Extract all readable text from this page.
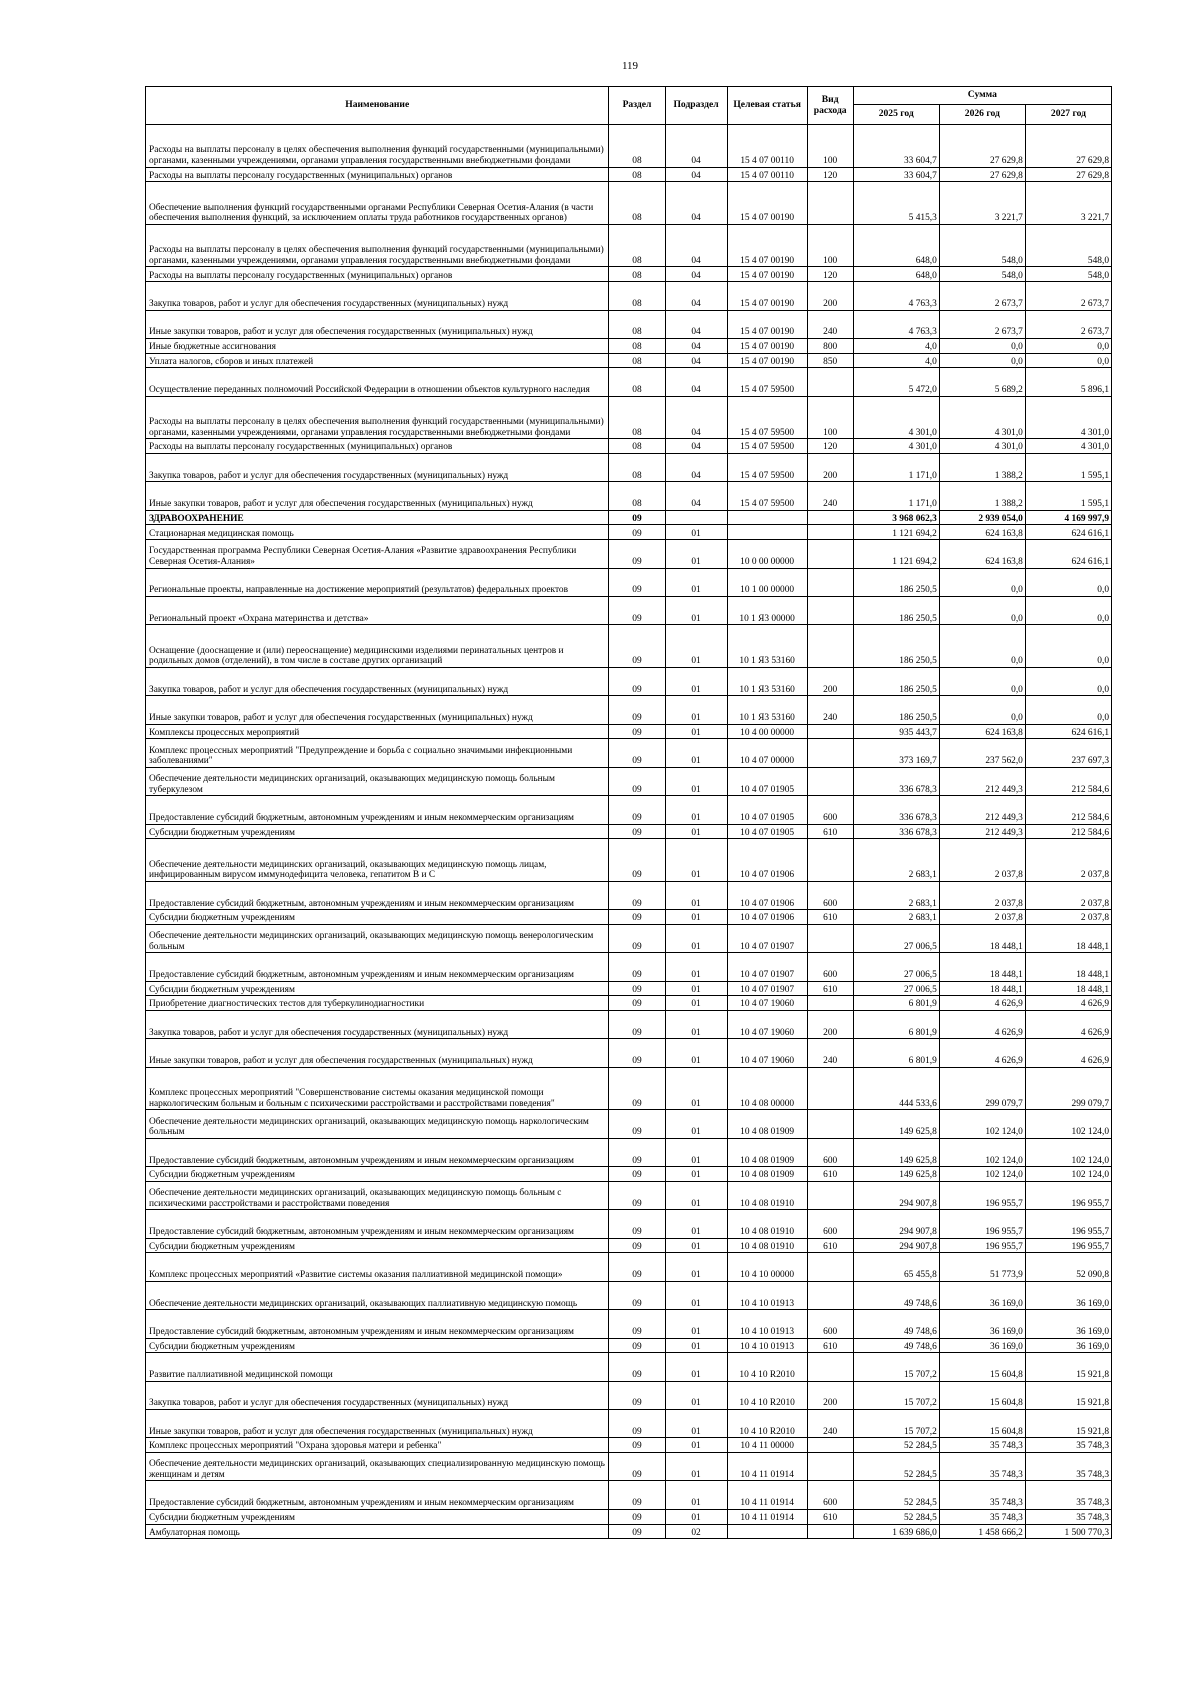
119
Наименование	Раздел	Подраздел	Целевая статья	Вид расхода	Сумма		
					2025 год	2026 год	2027 год
Расходы на выплаты персоналу в целях обеспечения выполнения функций государственными (муниципальными) органами, казенными учреждениями, органами управления государственными внебюджетными фондами	08	04	15 4 07 00110	100	33 604,7	27 629,8	27 629,8
Расходы на выплаты персоналу государственных (муниципальных) органов	08	04	15 4 07 00110	120	33 604,7	27 629,8	27 629,8
Обеспечение выполнения функций государственными органами Республики Северная Осетия-Алания (в части обеспечения выполнения функций, за исключением оплаты труда работников государственных органов)	08	04	15 4 07 00190		5 415,3	3 221,7	3 221,7
Расходы на выплаты персоналу в целях обеспечения выполнения функций государственными (муниципальными) органами, казенными учреждениями, органами управления государственными внебюджетными фондами	08	04	15 4 07 00190	100	648,0	548,0	548,0
Расходы на выплаты персоналу государственных (муниципальных) органов	08	04	15 4 07 00190	120	648,0	548,0	548,0
Закупка товаров, работ и услуг для обеспечения государственных (муниципальных) нужд	08	04	15 4 07 00190	200	4 763,3	2 673,7	2 673,7
Иные закупки товаров, работ и услуг для обеспечения государственных (муниципальных) нужд	08	04	15 4 07 00190	240	4 763,3	2 673,7	2 673,7
Иные бюджетные ассигнования	08	04	15 4 07 00190	800	4,0	0,0	0,0
Уплата налогов, сборов и иных платежей	08	04	15 4 07 00190	850	4,0	0,0	0,0
Осуществление переданных полномочий Российской Федерации в отношении объектов культурного наследия	08	04	15 4 07 59500		5 472,0	5 689,2	5 896,1
Расходы на выплаты персоналу в целях обеспечения выполнения функций государственными (муниципальными) органами, казенными учреждениями, органами управления государственными внебюджетными фондами	08	04	15 4 07 59500	100	4 301,0	4 301,0	4 301,0
Расходы на выплаты персоналу государственных (муниципальных) органов	08	04	15 4 07 59500	120	4 301,0	4 301,0	4 301,0
Закупка товаров, работ и услуг для обеспечения государственных (муниципальных) нужд	08	04	15 4 07 59500	200	1 171,0	1 388,2	1 595,1
Иные закупки товаров, работ и услуг для обеспечения государственных (муниципальных) нужд	08	04	15 4 07 59500	240	1 171,0	1 388,2	1 595,1
ЗДРАВООХРАНЕНИЕ	09				3 968 062,3	2 939 054,0	4 169 997,9
Стационарная медицинская помощь	09	01			1 121 694,2	624 163,8	624 616,1
Государственная программа Республики Северная Осетия-Алания «Развитие здравоохранения Республики Северная Осетия-Алания»	09	01	10 0 00 00000		1 121 694,2	624 163,8	624 616,1
Региональные проекты, направленные на достижение мероприятий (результатов) федеральных проектов	09	01	10 1 00 00000		186 250,5	0,0	0,0
Региональный проект «Охрана материнства и детства»	09	01	10 1 Я3 00000		186 250,5	0,0	0,0
Оснащение (дооснащение и (или) переоснащение) медицинскими изделиями перинатальных центров и родильных домов (отделений), в том числе в составе других организаций	09	01	10 1 Я3 53160		186 250,5	0,0	0,0
Закупка товаров, работ и услуг для обеспечения государственных (муниципальных) нужд	09	01	10 1 Я3 53160	200	186 250,5	0,0	0,0
Иные закупки товаров, работ и услуг для обеспечения государственных (муниципальных) нужд	09	01	10 1 Я3 53160	240	186 250,5	0,0	0,0
Комплексы процессных мероприятий	09	01	10 4 00 00000		935 443,7	624 163,8	624 616,1
Комплекс процессных мероприятий "Предупреждение и борьба с социально значимыми инфекционными заболеваниями"	09	01	10 4 07 00000		373 169,7	237 562,0	237 697,3
Обеспечение деятельности медицинских организаций, оказывающих медицинскую помощь больным туберкулезом	09	01	10 4 07 01905		336 678,3	212 449,3	212 584,6
Предоставление субсидий бюджетным, автономным учреждениям и иным некоммерческим организациям	09	01	10 4 07 01905	600	336 678,3	212 449,3	212 584,6
Субсидии бюджетным учреждениям	09	01	10 4 07 01905	610	336 678,3	212 449,3	212 584,6
Обеспечение деятельности медицинских организаций, оказывающих медицинскую помощь лицам, инфицированным вирусом иммунодефицита человека, гепатитом В и С	09	01	10 4 07 01906		2 683,1	2 037,8	2 037,8
Предоставление субсидий бюджетным, автономным учреждениям и иным некоммерческим организациям	09	01	10 4 07 01906	600	2 683,1	2 037,8	2 037,8
Субсидии бюджетным учреждениям	09	01	10 4 07 01906	610	2 683,1	2 037,8	2 037,8
Обеспечение деятельности медицинских организаций, оказывающих медицинскую помощь венерологическим больным	09	01	10 4 07 01907		27 006,5	18 448,1	18 448,1
Предоставление субсидий бюджетным, автономным учреждениям и иным некоммерческим организациям	09	01	10 4 07 01907	600	27 006,5	18 448,1	18 448,1
Субсидии бюджетным учреждениям	09	01	10 4 07 01907	610	27 006,5	18 448,1	18 448,1
Приобретение диагностических тестов для туберкулинодиагностики	09	01	10 4 07 19060		6 801,9	4 626,9	4 626,9
Закупка товаров, работ и услуг для обеспечения государственных (муниципальных) нужд	09	01	10 4 07 19060	200	6 801,9	4 626,9	4 626,9
Иные закупки товаров, работ и услуг для обеспечения государственных (муниципальных) нужд	09	01	10 4 07 19060	240	6 801,9	4 626,9	4 626,9
Комплекс процессных мероприятий "Совершенствование системы оказания медицинской помощи наркологическим больным и больным с психическими расстройствами и расстройствами поведения"	09	01	10 4 08 00000		444 533,6	299 079,7	299 079,7
Обеспечение деятельности медицинских организаций, оказывающих медицинскую помощь наркологическим больным	09	01	10 4 08 01909		149 625,8	102 124,0	102 124,0
Предоставление субсидий бюджетным, автономным учреждениям и иным некоммерческим организациям	09	01	10 4 08 01909	600	149 625,8	102 124,0	102 124,0
Субсидии бюджетным учреждениям	09	01	10 4 08 01909	610	149 625,8	102 124,0	102 124,0
Обеспечение деятельности медицинских организаций, оказывающих медицинскую помощь больным с психическими расстройствами и расстройствами поведения	09	01	10 4 08 01910		294 907,8	196 955,7	196 955,7
Предоставление субсидий бюджетным, автономным учреждениям и иным некоммерческим организациям	09	01	10 4 08 01910	600	294 907,8	196 955,7	196 955,7
Субсидии бюджетным учреждениям	09	01	10 4 08 01910	610	294 907,8	196 955,7	196 955,7
Комплекс процессных мероприятий «Развитие системы оказания паллиативной медицинской помощи»	09	01	10 4 10 00000		65 455,8	51 773,9	52 090,8
Обеспечение деятельности медицинских организаций, оказывающих паллиативную медицинскую помощь	09	01	10 4 10 01913		49 748,6	36 169,0	36 169,0
Предоставление субсидий бюджетным, автономным учреждениям и иным некоммерческим организациям	09	01	10 4 10 01913	600	49 748,6	36 169,0	36 169,0
Субсидии бюджетным учреждениям	09	01	10 4 10 01913	610	49 748,6	36 169,0	36 169,0
Развитие паллиативной медицинской помощи	09	01	10 4 10 R2010		15 707,2	15 604,8	15 921,8
Закупка товаров, работ и услуг для обеспечения государственных (муниципальных) нужд	09	01	10 4 10 R2010	200	15 707,2	15 604,8	15 921,8
Иные закупки товаров, работ и услуг для обеспечения государственных (муниципальных) нужд	09	01	10 4 10 R2010	240	15 707,2	15 604,8	15 921,8
Комплекс процессных мероприятий "Охрана здоровья матери и ребенка"	09	01	10 4 11 00000		52 284,5	35 748,3	35 748,3
Обеспечение деятельности медицинских организаций, оказывающих специализированную медицинскую помощь женщинам и детям	09	01	10 4 11 01914		52 284,5	35 748,3	35 748,3
Предоставление субсидий бюджетным, автономным учреждениям и иным некоммерческим организациям	09	01	10 4 11 01914	600	52 284,5	35 748,3	35 748,3
Субсидии бюджетным учреждениям	09	01	10 4 11 01914	610	52 284,5	35 748,3	35 748,3
Амбулаторная помощь	09	02			1 639 686,0	1 458 666,2	1 500 770,3
